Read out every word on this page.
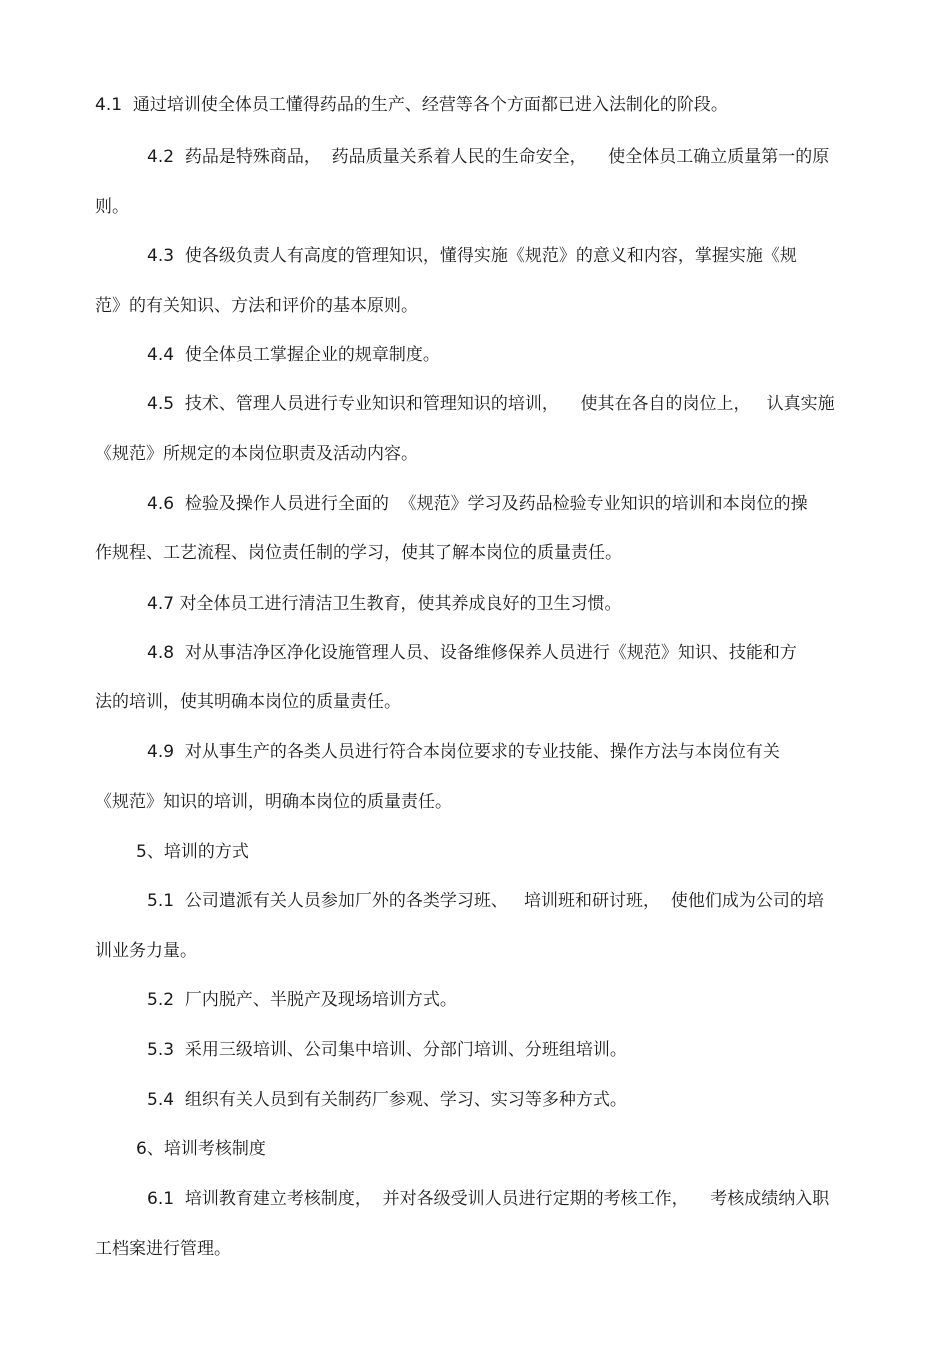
4.1  通过培训使全体员工懂得药品的生产、经营等各个方面都已进入法制化的阶段。

4.2  药品是特殊商品，  药品质量关系着人民的生命安全，    使全体员工确立质量第一的原

则。

4.3  使各级负责人有高度的管理知识，懂得实施《规范》的意义和内容，掌握实施《规

范》的有关知识、方法和评价的基本原则。

4.4  使全体员工掌握企业的规章制度。

4.5  技术、管理人员进行专业知识和管理知识的培训，    使其在各自的岗位上，   认真实施

《规范》所规定的本岗位职责及活动内容。

4.6  检验及操作人员进行全面的  《规范》学习及药品检验专业知识的培训和本岗位的操

作规程、工艺流程、岗位责任制的学习，使其了解本岗位的质量责任。

4.7 对全体员工进行清洁卫生教育，使其养成良好的卫生习惯。

4.8  对从事洁净区净化设施管理人员、设备维修保养人员进行《规范》知识、技能和方

法的培训，使其明确本岗位的质量责任。

4.9  对从事生产的各类人员进行符合本岗位要求的专业技能、操作方法与本岗位有关

《规范》知识的培训，明确本岗位的质量责任。

5、培训的方式

5.1  公司遣派有关人员参加厂外的各类学习班、   培训班和研讨班，  使他们成为公司的培

训业务力量。

5.2  厂内脱产、半脱产及现场培训方式。

5.3  采用三级培训、公司集中培训、分部门培训、分班组培训。

5.4  组织有关人员到有关制药厂参观、学习、实习等多种方式。

6、培训考核制度

6.1  培训教育建立考核制度，  并对各级受训人员进行定期的考核工作，    考核成绩纳入职

工档案进行管理。
